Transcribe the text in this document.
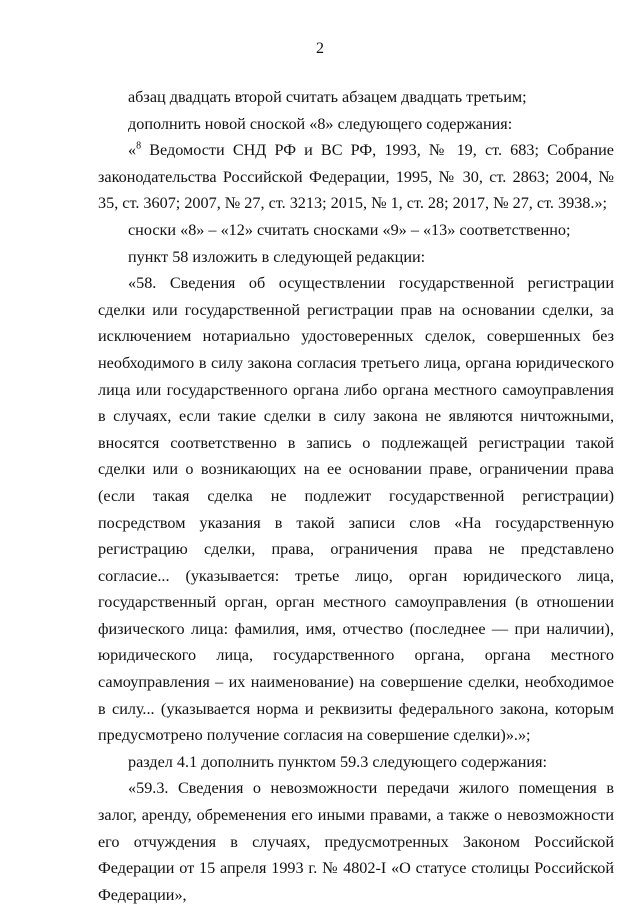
2

абзац двадцать второй считать абзацем двадцать третьим;

дополнить новой сноской «8» следующего содержания:

«$^8$ Ведомости СНД РФ и ВС РФ, 1993, № 19, ст. 683; Собрание законодательства Российской Федерации, 1995, № 30, ст. 2863; 2004, № 35, ст. 3607; 2007, № 27, ст. 3213; 2015, № 1, ст. 28; 2017, № 27, ст. 3938.»;

сноски «8» – «12» считать сносками «9» – «13» соответственно;

пункт 58 изложить в следующей редакции:

«58. Сведения об осуществлении государственной регистрации сделки или государственной регистрации прав на основании сделки, за исключением нотариально удостоверенных сделок, совершенных без необходимого в силу закона согласия третьего лица, органа юридического лица или государственного органа либо органа местного самоуправления в случаях, если такие сделки в силу закона не являются ничтожными, вносятся соответственно в запись о подлежащей регистрации такой сделки или о возникающих на ее основании праве, ограничении права (если такая сделка не подлежит государственной регистрации) посредством указания в такой записи слов «На государственную регистрацию сделки, права, ограничения права не представлено согласие... (указывается: третье лицо, орган юридического лица, государственный орган, орган местного самоуправления (в отношении физического лица: фамилия, имя, отчество (последнее — при наличии), юридического лица, государственного органа, органа местного самоуправления – их наименование) на совершение сделки, необходимое в силу... (указывается норма и реквизиты федерального закона, которым предусмотрено получение согласия на совершение сделки)».»;

раздел 4.1 дополнить пунктом 59.3 следующего содержания:

«59.3. Сведения о невозможности передачи жилого помещения в залог, аренду, обременения его иными правами, а также о невозможности его отчуждения в случаях, предусмотренных Законом Российской Федерации от 15 апреля 1993 г. № 4802-I «О статусе столицы Российской Федерации»,
